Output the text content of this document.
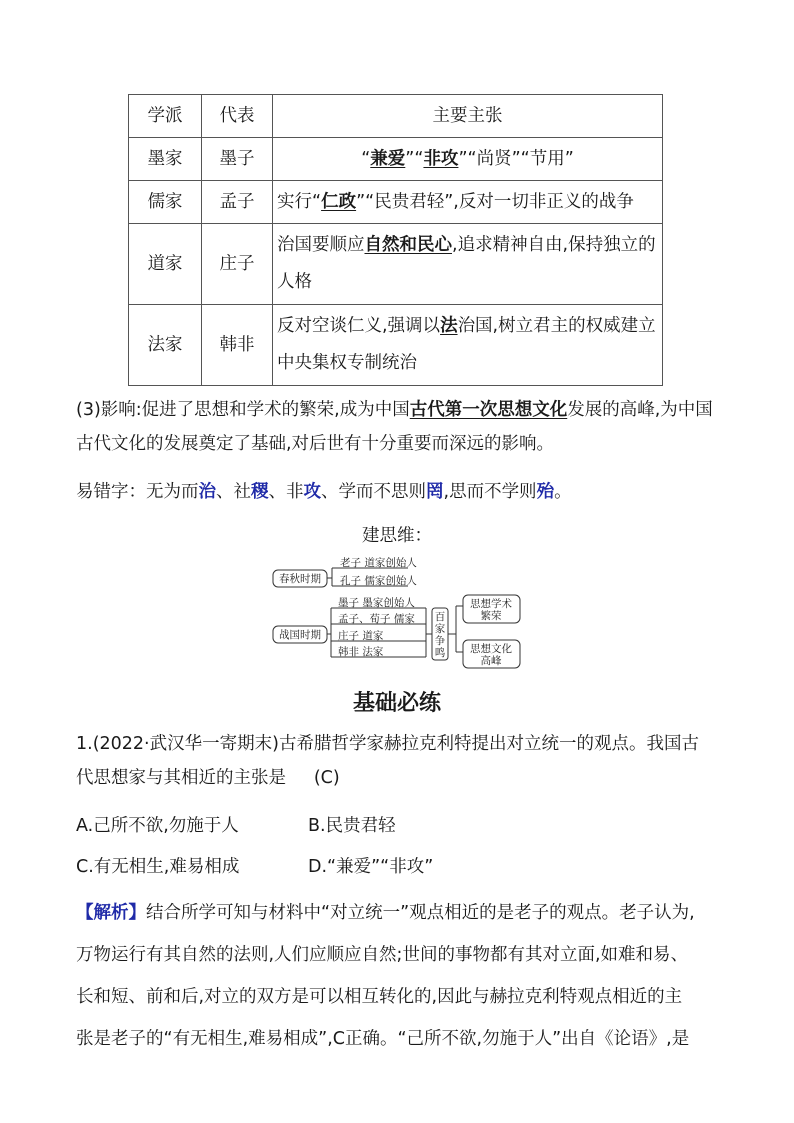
学派	代表	主要主张
墨家	墨子	“兼爱”“非攻”“尚贤”“节用”
儒家	孟子	实行“仁政”“民贵君轻”,反对一切非正义的战争
道家	庄子	治国要顺应自然和民心,追求精神自由,保持独立的人格
法家	韩非	反对空谈仁义,强调以法治国,树立君主的权威建立中央集权专制统治

(3)影响:促进了思想和学术的繁荣,成为中国古代第一次思想文化发展的高峰,为中国古代文化的发展奠定了基础,对后世有十分重要而深远的影响。

易错字：无为而治、社稷、非攻、学而不思则罔,思而不学则殆。

建思维：
春秋时期
战国时期
老子 道家创始人
孔子 儒家创始人
墨子 墨家创始人
孟子、荀子 儒家
庄子 道家
韩非 法家
百
家
争
鸣
思想学术
繁荣
思想文化
高峰
基础必练

1.(2022·武汉华一寄期末)古希腊哲学家赫拉克利特提出对立统一的观点。我国古
代思想家与其相近的主张是 (C)

A.己所不欲,勿施于人	B.民贵君轻

C.有无相生,难易相成	D.“兼爱”“非攻”

【解析】结合所学可知与材料中“对立统一”观点相近的是老子的观点。老子认为,
万物运行有其自然的法则,人们应顺应自然;世间的事物都有其对立面,如难和易、
长和短、前和后,对立的双方是可以相互转化的,因此与赫拉克利特观点相近的主
张是老子的“有无相生,难易相成”,C正确。“己所不欲,勿施于人”出自《论语》,是
